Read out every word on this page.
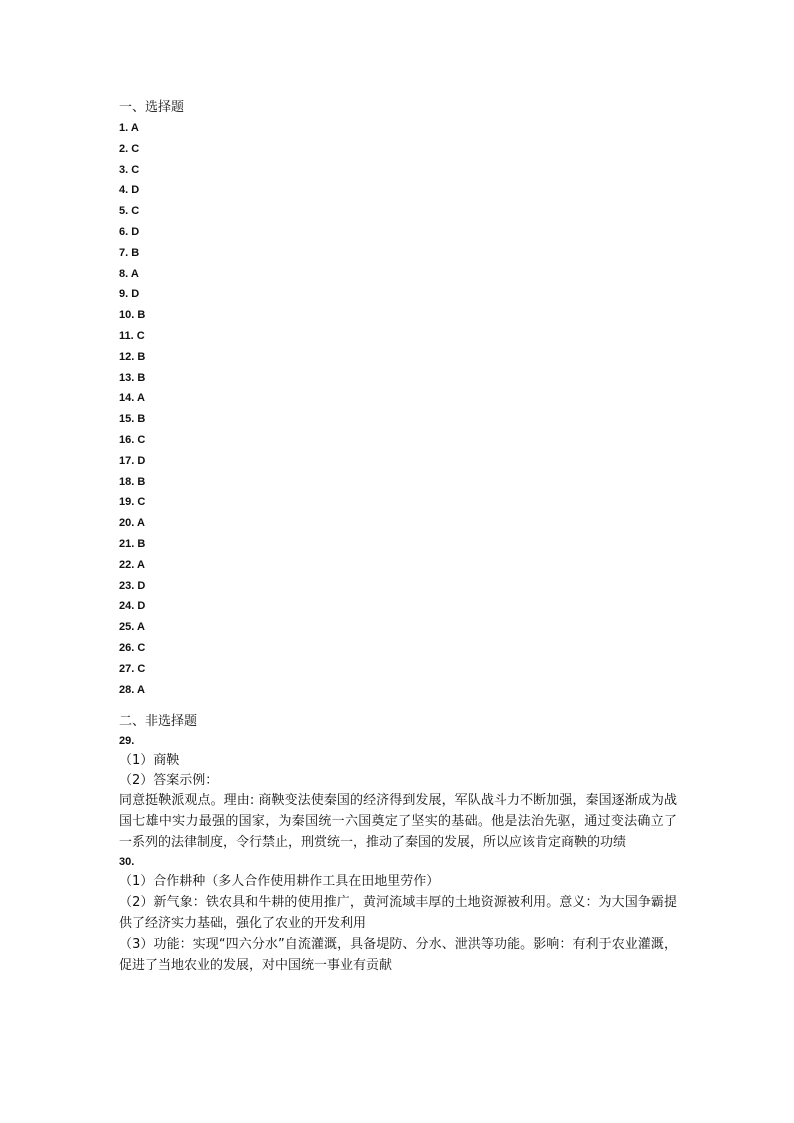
一、选择题
1. A
2. C
3. C
4. D
5. C
6. D
7. B
8. A
9. D
10. B
11. C
12. B
13. B
14. A
15. B
16. C
17. D
18. B
19. C
20. A
21. B
22. A
23. D
24. D
25. A
26. C
27. C
28. A
二、非选择题
29.
（1）商鞅
（2）答案示例：
同意挺鞅派观点。理由: 商鞅变法使秦国的经济得到发展，军队战斗力不断加强，秦国逐渐成为战国七雄中实力最强的国家，为秦国统一六国奠定了坚实的基础。他是法治先驱，通过变法确立了一系列的法律制度，令行禁止，刑赏统一，推动了秦国的发展，所以应该肯定商鞅的功绩
30.
（1）合作耕种（多人合作使用耕作工具在田地里劳作）
（2）新气象：铁农具和牛耕的使用推广，黄河流域丰厚的土地资源被利用。意义：为大国争霸提供了经济实力基础，强化了农业的开发利用
（3）功能：实现“四六分水”自流灌溉，具备堤防、分水、泄洪等功能。影响：有利于农业灌溉，促进了当地农业的发展，对中国统一事业有贡献
